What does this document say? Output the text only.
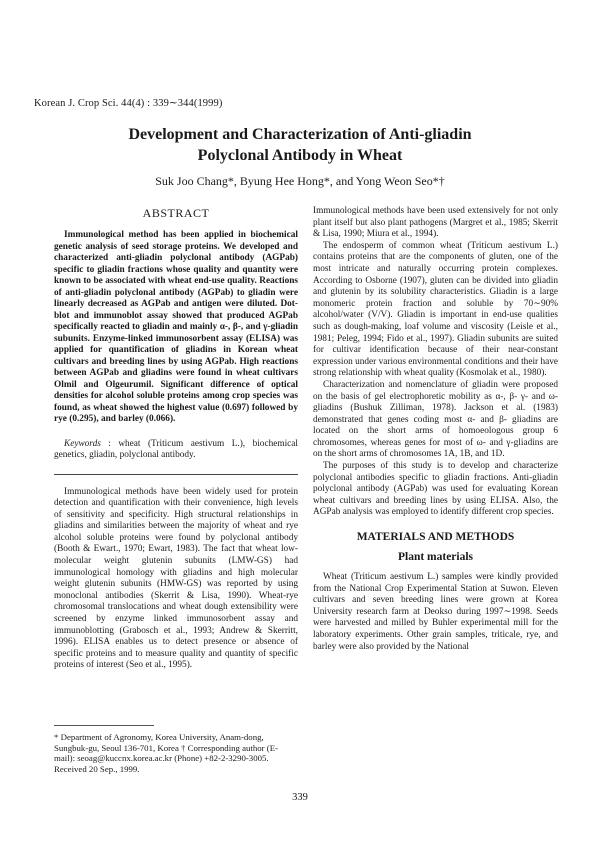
Korean J. Crop Sci. 44(4) : 339∼344(1999)
Development and Characterization of Anti-gliadin
Polyclonal Antibody in Wheat
Suk Joo Chang*, Byung Hee Hong*, and Yong Weon Seo*†
ABSTRACT

Immunological method has been applied in biochemical genetic analysis of seed storage proteins. We developed and characterized anti-gliadin polyclonal antibody (AGPab) specific to gliadin fractions whose quality and quantity were known to be associated with wheat end-use quality. Reactions of anti-gliadin polyclonal antibody (AGPab) to gliadin were linearly decreased as AGPab and antigen were diluted. Dot-blot and immunoblot assay showed that produced AGPab specifically reacted to gliadin and mainly α-, β-, and γ-gliadin subunits. Enzyme-linked immunosorbent assay (ELISA) was applied for quantification of gliadins in Korean wheat cultivars and breeding lines by using AGPab. High reactions between AGPab and gliadins were found in wheat cultivars Olmil and Olgeurumil. Significant difference of optical densities for alcohol soluble proteins among crop species was found, as wheat showed the highest value (0.697) followed by rye (0.295), and barley (0.066).

Keywords : wheat (Triticum aestivum L.), biochemical genetics, gliadin, polyclonal antibody.

Immunological methods have been widely used for protein detection and quantification with their convenience, high levels of sensitivity and specificity. High structural relationships in gliadins and similarities between the majority of wheat and rye alcohol soluble proteins were found by polyclonal antibody (Booth & Ewart., 1970; Ewart, 1983). The fact that wheat low-molecular weight glutenin subunits (LMW-GS) had immunological homology with gliadins and high molecular weight glutenin subunits (HMW-GS) was reported by using monoclonal antibodies (Skerrit & Lisa, 1990). Wheat-rye chromosomal translocations and wheat dough extensibility were screened by enzyme linked immunosorbent assay and immunoblotting (Grabosch et al., 1993; Andrew & Skerritt, 1996). ELISA enables us to detect presence or absence of specific proteins and to measure quality and quantity of specific proteins of interest (Seo et al., 1995).

* Department of Agronomy, Korea University, Anam-dong, Sungbuk-gu, Seoul 136-701, Korea † Corresponding author (E-mail): seoag@kuccnx.korea.ac.kr (Phone) +82-2-3290-3005. Received 20 Sep., 1999.

Immunological methods have been used extensively for not only plant itself but also plant pathogens (Margret et al., 1985; Skerrit & Lisa, 1990; Miura et al., 1994).

The endosperm of common wheat (Triticum aestivum L.) contains proteins that are the components of gluten, one of the most intricate and naturally occurring protein complexes. According to Osborne (1907), gluten can be divided into gliadin and glutenin by its solubility characteristics. Gliadin is a large monomeric protein fraction and soluble by 70∼90% alcohol/water (V/V). Gliadin is important in end-use qualities such as dough-making, loaf volume and viscosity (Leisle et al., 1981; Peleg, 1994; Fido et al., 1997). Gliadin subunits are suited for cultivar identification because of their near-constant expression under various environmental conditions and their have strong relationship with wheat quality (Kosmolak et al., 1980).

Characterization and nomenclature of gliadin were proposed on the basis of gel electrophoretic mobility as α-, β- γ- and ω- gliadins (Bushuk Zilliman, 1978). Jackson et al. (1983) demonstrated that genes coding most α- and β- gliadins are located on the short arms of homoeologous group 6 chromosomes, whereas genes for most of ω- and γ-gliadins are on the short arms of chromosomes 1A, 1B, and 1D.

The purposes of this study is to develop and characterize polyclonal antibodies specific to gliadin fractions. Anti-gliadin polyclonal antibody (AGPab) was used for evaluating Korean wheat cultivars and breeding lines by using ELISA. Also, the AGPab analysis was employed to identify different crop species.

MATERIALS AND METHODS
Plant materials

Wheat (Triticum aestivum L.) samples were kindly provided from the National Crop Experimental Station at Suwon. Eleven cultivars and seven breeding lines were grown at Korea University research farm at Deokso during 1997∼1998. Seeds were harvested and milled by Buhler experimental mill for the laboratory experiments. Other grain samples, triticale, rye, and barley were also provided by the National

339
